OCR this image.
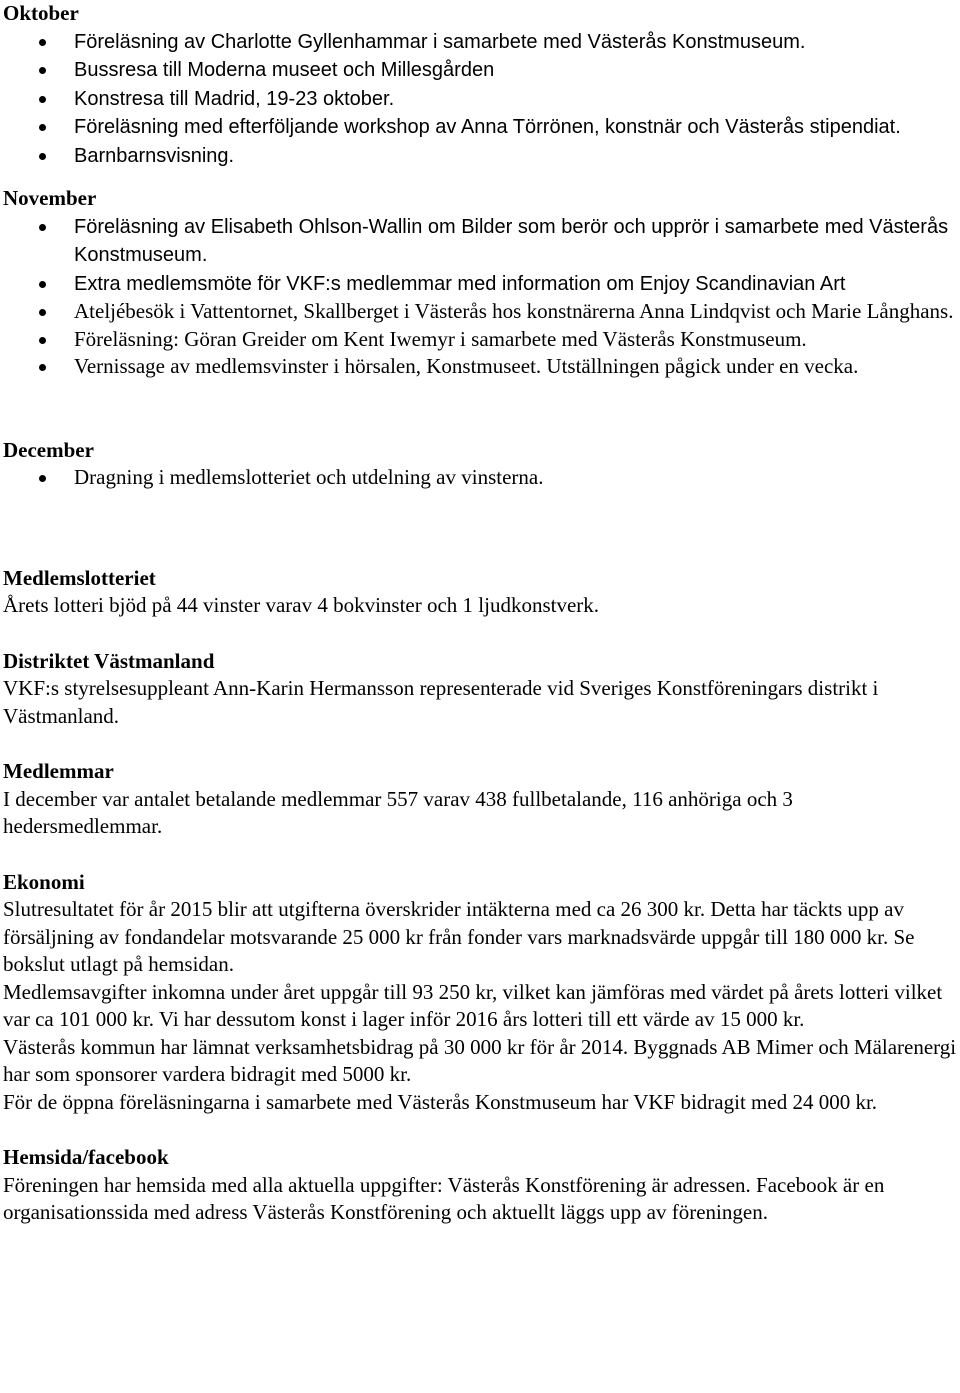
Oktober
Föreläsning av Charlotte Gyllenhammar i samarbete med Västerås Konstmuseum.
Bussresa till Moderna museet och Millesgården
Konstresa till Madrid, 19-23 oktober.
Föreläsning med efterföljande workshop av Anna Törrönen, konstnär och Västerås stipendiat.
Barnbarnsvisning.
November
Föreläsning av Elisabeth Ohlson-Wallin om Bilder som berör och upprör i samarbete med Västerås Konstmuseum.
Extra medlemsmöte för VKF:s medlemmar med information om Enjoy Scandinavian Art
Ateljébesök i Vattentornet, Skallberget i Västerås hos konstnärerna Anna Lindqvist och Marie Långhans.
Föreläsning: Göran Greider om Kent Iwemyr i samarbete med Västerås Konstmuseum.
Vernissage av medlemsvinster i hörsalen, Konstmuseet. Utställningen pågick under en vecka.
December
Dragning i medlemslotteriet och utdelning av vinsterna.
Medlemslotteriet

Årets lotteri bjöd på 44 vinster varav 4 bokvinster och 1 ljudkonstverk.

Distriktet Västmanland

VKF:s styrelsesuppleant Ann-Karin Hermansson representerade vid Sveriges Konstföreningars distrikt i Västmanland.

Medlemmar

I december var antalet betalande medlemmar 557 varav 438 fullbetalande, 116 anhöriga och 3 hedersmedlemmar.

Ekonomi

Slutresultatet för år 2015 blir att utgifterna överskrider intäkterna med ca 26 300 kr. Detta har täckts upp av försäljning av fondandelar motsvarande 25 000 kr från fonder vars marknadsvärde uppgår till 180 000 kr. Se bokslut utlagt på hemsidan.

Medlemsavgifter inkomna under året uppgår till 93 250 kr, vilket kan jämföras med värdet på årets lotteri vilket var ca 101 000 kr. Vi har dessutom konst i lager inför 2016 års lotteri till ett värde av 15 000 kr.

Västerås kommun har lämnat verksamhetsbidrag på 30 000 kr för år 2014. Byggnads AB Mimer och Mälarenergi har som sponsorer vardera bidragit med 5000 kr.

För de öppna föreläsningarna i samarbete med Västerås Konstmuseum har VKF bidragit med 24 000 kr.

Hemsida/facebook

Föreningen har hemsida med alla aktuella uppgifter: Västerås Konstförening är adressen. Facebook är en organisationssida med adress Västerås Konstförening och aktuellt läggs upp av föreningen.
